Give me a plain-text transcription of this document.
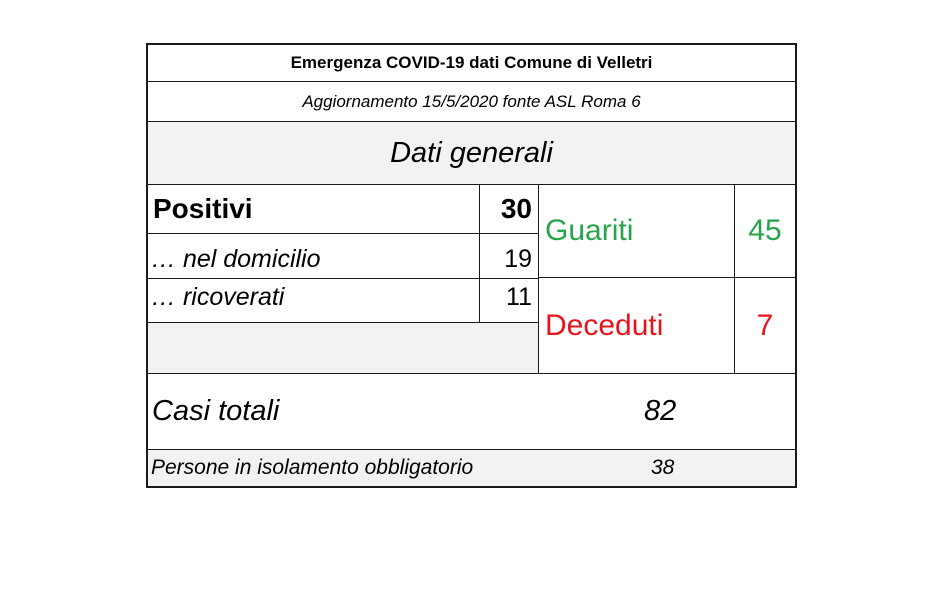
Emergenza COVID-19 dati Comune di Velletri
Aggiornamento 15/5/2020 fonte ASL Roma 6
Dati generali
Positivi	30
… nel domicilio	19
… ricoverati	11
Guariti	45
Deceduti	7
Casi totali	82
Persone in isolamento obbligatorio	38
